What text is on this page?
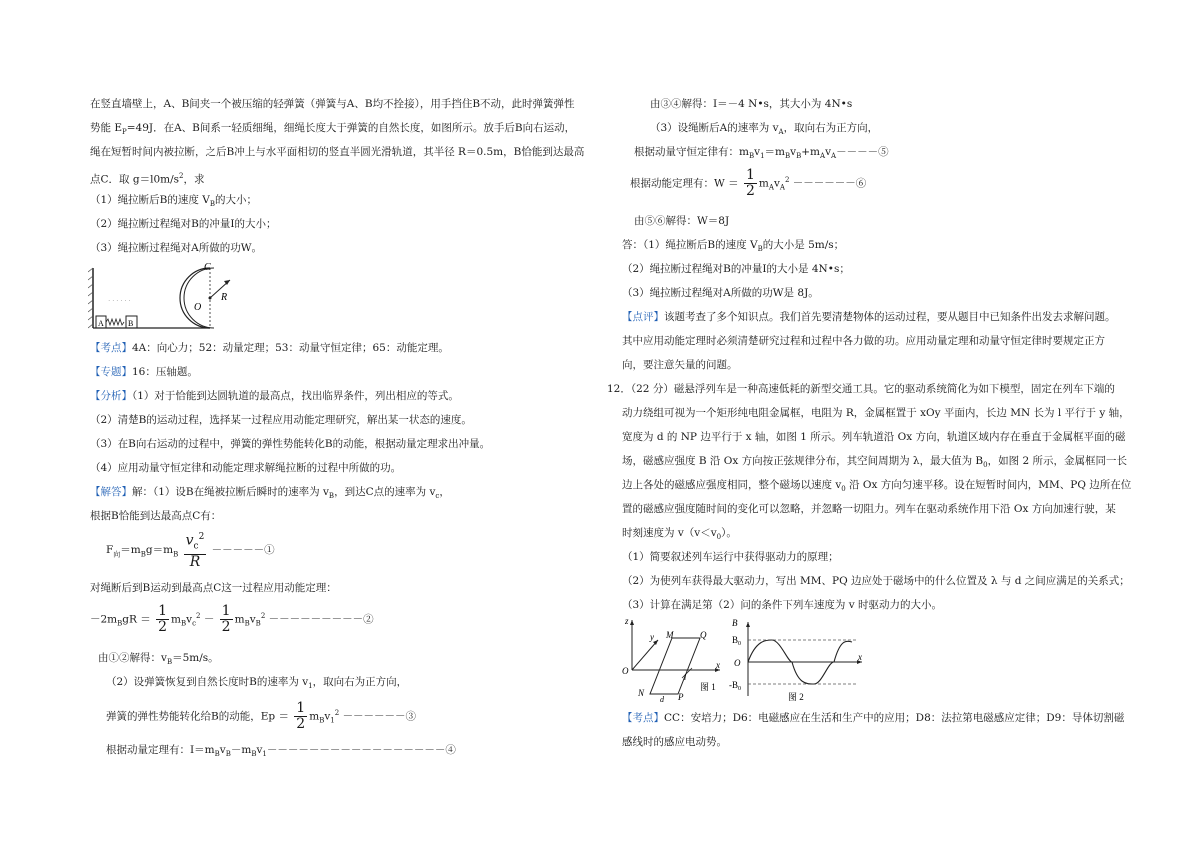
在竖直墙壁上，A、B间夹一个被压缩的轻弹簧（弹簧与A、B均不拴接），用手挡住B不动，此时弹簧弹性
势能 $E_P=49J$．在A、B间系一轻质细绳，细绳长度大于弹簧的自然长度，如图所示。放手后B向右运动，
绳在短暂时间内被拉断，之后B冲上与水平面相切的竖直半圆光滑轨道，其半径 R＝0.5m，B恰能到达最高
点C．取 $g=l0m/s^2$，求
（1）绳拉断后B的速度 $V_B$的大小；
（2）绳拉断过程绳对B的冲量I的大小；
（3）绳拉断过程绳对A所做的功W。
· · · · · ·
C
O
R
A	B
【考点】4A：向心力；52：动量定理；53：动量守恒定律；65：动能定理。
【专题】16：压轴题。
【分析】（1）对于恰能到达圆轨道的最高点，找出临界条件，列出相应的等式。
（2）清楚B的运动过程，选择某一过程应用动能定理研究，解出某一状态的速度。
（3）在B向右运动的过程中，弹簧的弹性势能转化B的动能，根据动量定理求出冲量。
（4）应用动量守恒定律和动能定理求解绳拉断的过程中所做的功。
【解答】解：（1）设B在绳被拉断后瞬时的速率为 $v_B$，到达C点的速率为 $v_c$，
根据B恰能到达最高点C有：
$F_向=m_Bg=m_B \frac{v_c^2}{R}$ －－－－－①
对绳断后到B运动到最高点C这一过程应用动能定理：
$-2m_BgR = \frac{1}{2} m_Bv_c^2 - \frac{1}{2} m_Bv_B^2$ －－－－－－－－－②
由①②解得：$v_B=5m/s$。
（2）设弹簧恢复到自然长度时B的速率为 $v_1$，取向右为正方向，
弹簧的弹性势能转化给B的动能，$Ep = \frac{1}{2} m_Bv_1^2$ －－－－－－③
根据动量定理有：$I=m_Bv_B-m_Bv_1-----------------④$
由③④解得：I＝－4 N•s，其大小为 4N•s
（3）设绳断后A的速率为 $v_A$，取向右为正方向，
根据动量守恒定律有：$m_Bv_1=m_Bv_B+m_Av_A----⑤$
根据动能定理有：$W = \frac{1}{2} m_Av_A^2$ －－－－－－⑥
由⑤⑥解得：W＝8J
答：（1）绳拉断后B的速度 $V_B$的大小是 5m/s；
（2）绳拉断过程绳对B的冲量I的大小是 4N•s；
（3）绳拉断过程绳对A所做的功W是 8J。
【点评】该题考查了多个知识点。我们首先要清楚物体的运动过程，要从题目中已知条件出发去求解问题。
其中应用动能定理时必须清楚研究过程和过程中各力做的功。应用动量定理和动量守恒定律时要规定正方
向，要注意矢量的问题。
12．（22 分）磁悬浮列车是一种高速低耗的新型交通工具。它的驱动系统简化为如下模型，固定在列车下端的
动力绕组可视为一个矩形纯电阻金属框，电阻为 R，金属框置于 xOy 平面内，长边 MN 长为 l 平行于 y 轴，
宽度为 d 的 NP 边平行于 x 轴，如图 1 所示。列车轨道沿 Ox 方向，轨道区域内存在垂直于金属框平面的磁
场，磁感应强度 B 沿 Ox 方向按正弦规律分布，其空间周期为 λ，最大值为 $B_0$，如图 2 所示，金属框同一长
边上各处的磁感应强度相同，整个磁场以速度 $v_0$ 沿 Ox 方向匀速平移。设在短暂时间内，MM、PQ 边所在位
置的磁感应强度随时间的变化可以忽略，并忽略一切阻力。列车在驱动系统作用下沿 Ox 方向加速行驶，某
时刻速度为 $v(v<v_0)$。
（1）简要叙述列车运行中获得驱动力的原理；
（2）为使列车获得最大驱动力，写出 MM、PQ 边应处于磁场中的什么位置及 λ 与 d 之间应满足的关系式；
（3）计算在满足第（2）问的条件下列车速度为 v 时驱动力的大小。
z
y M	Q
O
x
N
d P
l
图 1
B
$B_0$
O
x
$-B_0$
图 2
【考点】CC：安培力；D6：电磁感应在生活和生产中的应用；D8：法拉第电磁感应定律；D9：导体切割磁
感线时的感应电动势。
